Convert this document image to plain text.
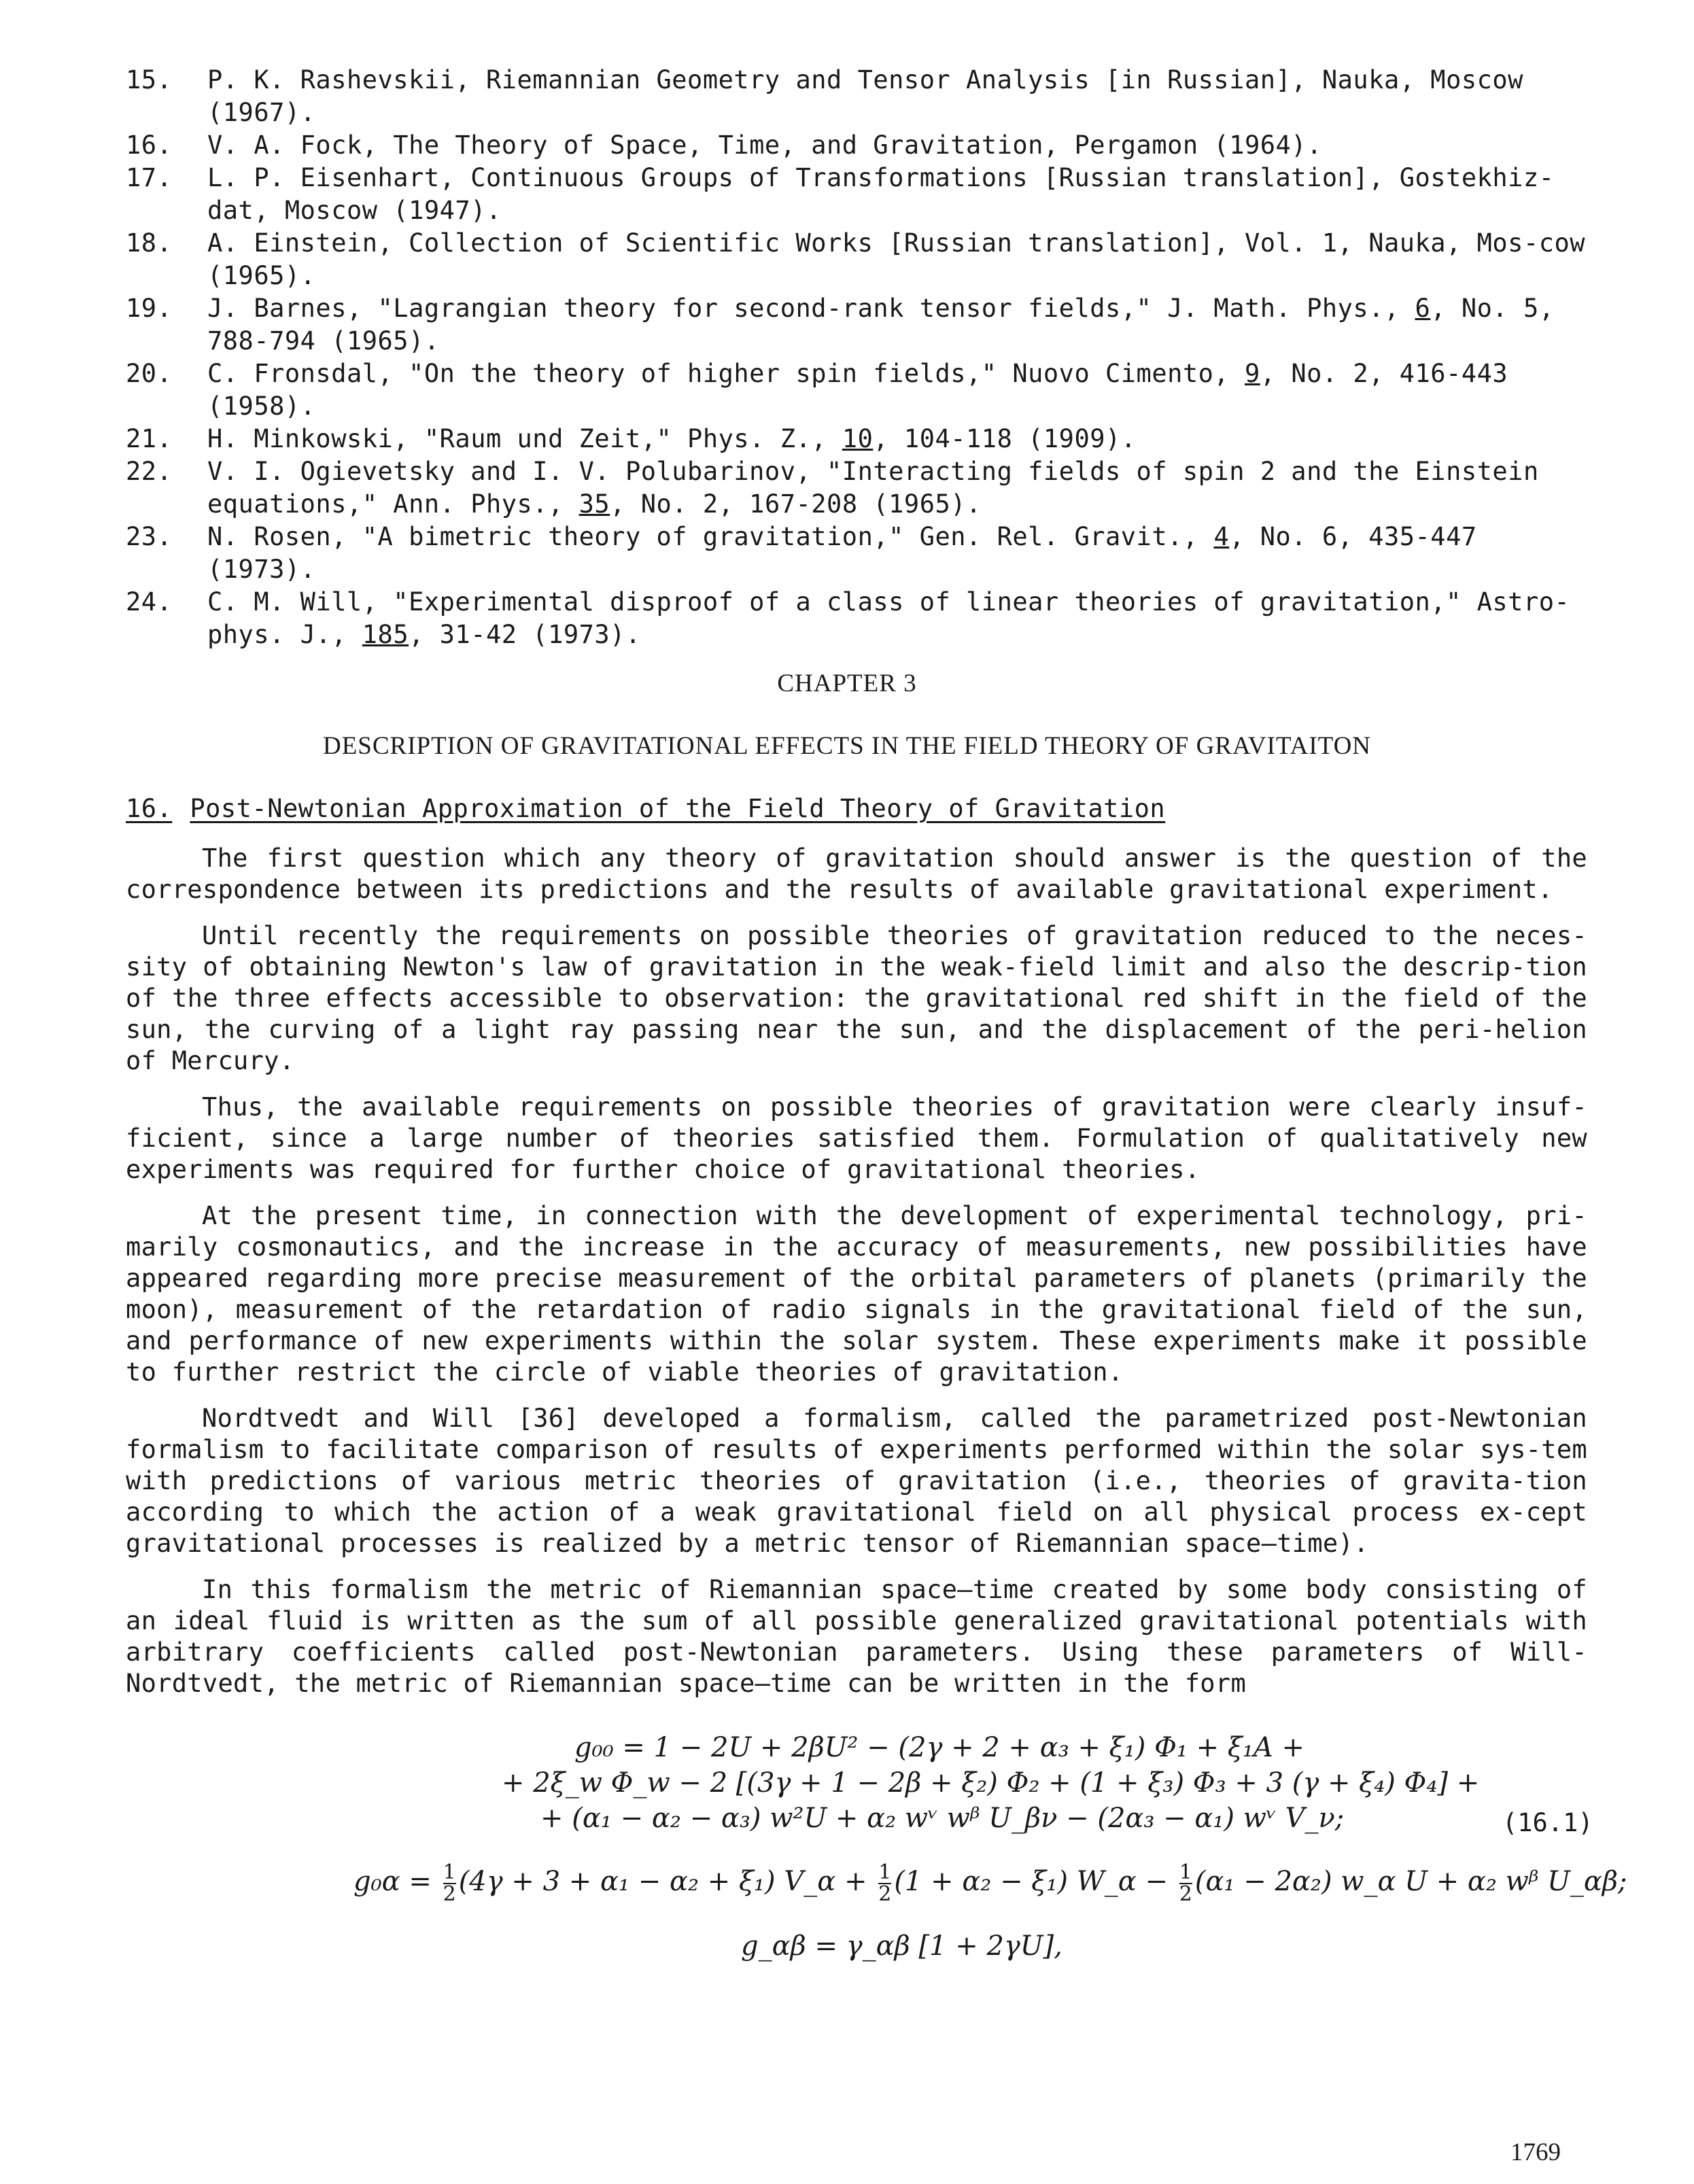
15.	P. K. Rashevskii, Riemannian Geometry and Tensor Analysis [in Russian], Nauka, Moscow (1967).
16.	V. A. Fock, The Theory of Space, Time, and Gravitation, Pergamon (1964).
17.	L. P. Eisenhart, Continuous Groups of Transformations [Russian translation], Gostekhiz-dat, Moscow (1947).
18.	A. Einstein, Collection of Scientific Works [Russian translation], Vol. 1, Nauka, Mos-cow (1965).
19.	J. Barnes, "Lagrangian theory for second-rank tensor fields," J. Math. Phys., 6, No. 5, 788-794 (1965).
20.	C. Fronsdal, "On the theory of higher spin fields," Nuovo Cimento, 9, No. 2, 416-443 (1958).
21.	H. Minkowski, "Raum und Zeit," Phys. Z., 10, 104-118 (1909).
22.	V. I. Ogievetsky and I. V. Polubarinov, "Interacting fields of spin 2 and the Einstein equations," Ann. Phys., 35, No. 2, 167-208 (1965).
23.	N. Rosen, "A bimetric theory of gravitation," Gen. Rel. Gravit., 4, No. 6, 435-447 (1973).
24.	C. M. Will, "Experimental disproof of a class of linear theories of gravitation," Astro-phys. J., 185, 31-42 (1973).
CHAPTER 3
DESCRIPTION OF GRAVITATIONAL EFFECTS IN THE FIELD THEORY OF GRAVITAITON
16. Post-Newtonian Approximation of the Field Theory of Gravitation

The first question which any theory of gravitation should answer is the question of the correspondence between its predictions and the results of available gravitational experiment.

Until recently the requirements on possible theories of gravitation reduced to the neces-sity of obtaining Newton's law of gravitation in the weak-field limit and also the descrip-tion of the three effects accessible to observation: the gravitational red shift in the field of the sun, the curving of a light ray passing near the sun, and the displacement of the peri-helion of Mercury.

Thus, the available requirements on possible theories of gravitation were clearly insuf-ficient, since a large number of theories satisfied them. Formulation of qualitatively new experiments was required for further choice of gravitational theories.

At the present time, in connection with the development of experimental technology, pri-marily cosmonautics, and the increase in the accuracy of measurements, new possibilities have appeared regarding more precise measurement of the orbital parameters of planets (primarily the moon), measurement of the retardation of radio signals in the gravitational field of the sun, and performance of new experiments within the solar system. These experiments make it possible to further restrict the circle of viable theories of gravitation.

Nordtvedt and Will [36] developed a formalism, called the parametrized post-Newtonian formalism to facilitate comparison of results of experiments performed within the solar sys-tem with predictions of various metric theories of gravitation (i.e., theories of gravita-tion according to which the action of a weak gravitational field on all physical process ex-cept gravitational processes is realized by a metric tensor of Riemannian space—time).

In this formalism the metric of Riemannian space—time created by some body consisting of an ideal fluid is written as the sum of all possible generalized gravitational potentials with arbitrary coefficients called post-Newtonian parameters. Using these parameters of Will-Nordtvedt, the metric of Riemannian space—time can be written in the form

g₀₀ = 1 − 2U + 2βU² − (2γ + 2 + α₃ + ξ₁) Φ₁ + ξ₁A +
+ 2ξ_w Φ_w − 2 [(3γ + 1 − 2β + ξ₂) Φ₂ + (1 + ξ₃) Φ₃ + 3 (γ + ξ₄) Φ₄] +
+ (α₁ − α₂ − α₃) w²U + α₂ wᵛ wᵝ U_βν − (2α₃ − α₁) wᵛ V_ν;
$g_0\alpha = \frac{1}{2} (4\gamma + 3 + \alpha_1 - \alpha_2 + \xi_1)$ V_α + $\frac{1}{2} (1 + \alpha_2 - \xi_1)$ W_α − $\frac{1}{2} (\alpha_1 - 2\alpha_2)$ w_α U + α₂ wᵝ U_αβ;
g_αβ = γ_αβ [1 + 2γU],
(16.1)
1769
